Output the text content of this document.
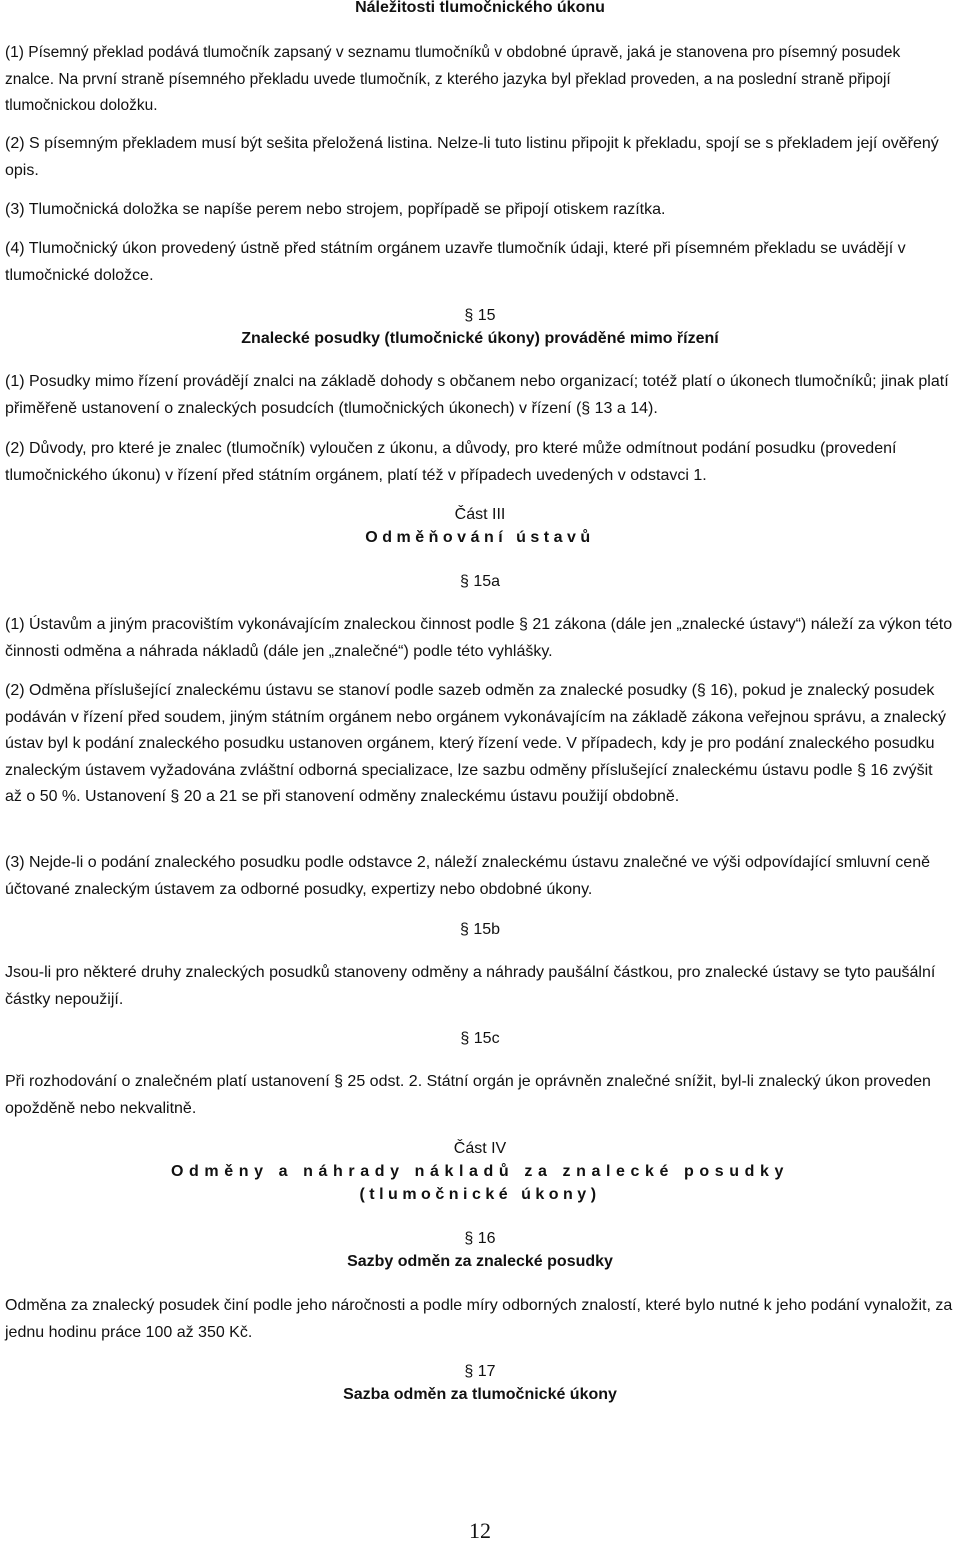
Náležitosti tlumočnického úkonu

(1) Písemný překlad podává tlumočník zapsaný v seznamu tlumočníků v obdobné úpravě, jaká je stanovena pro písemný posudek znalce. Na první straně písemného překladu uvede tlumočník, z kterého jazyka byl překlad proveden, a na poslední straně připojí tlumočnickou doložku.

(2) S písemným překladem musí být sešita přeložená listina. Nelze-li tuto listinu připojit k překladu, spojí se s překladem její ověřený opis.

(3) Tlumočnická doložka se napíše perem nebo strojem, popřípadě se připojí otiskem razítka.

(4) Tlumočnický úkon provedený ústně před státním orgánem uzavře tlumočník údaji, které při písemném překladu se uvádějí v tlumočnické doložce.

§ 15
Znalecké posudky (tlumočnické úkony) prováděné mimo řízení

(1) Posudky mimo řízení provádějí znalci na základě dohody s občanem nebo organizací; totéž platí o úkonech tlumočníků; jinak platí přiměřeně ustanovení o znaleckých posudcích (tlumočnických úkonech) v řízení (§ 13 a 14).

(2) Důvody, pro které je znalec (tlumočník) vyloučen z úkonu, a důvody, pro které může odmítnout podání posudku (provedení tlumočnického úkonu) v řízení před státním orgánem, platí též v případech uvedených v odstavci 1.

Část III
Odměňování ústavů
§ 15a

(1) Ústavům a jiným pracovištím vykonávajícím znaleckou činnost podle § 21 zákona (dále jen „znalecké ústavy“) náleží za výkon této činnosti odměna a náhrada nákladů (dále jen „znalečné“) podle této vyhlášky.

(2) Odměna příslušející znaleckému ústavu se stanoví podle sazeb odměn za znalecké posudky (§ 16), pokud je znalecký posudek podáván v řízení před soudem, jiným státním orgánem nebo orgánem vykonávajícím na základě zákona veřejnou správu, a znalecký ústav byl k podání znaleckého posudku ustanoven orgánem, který řízení vede. V případech, kdy je pro podání znaleckého posudku znaleckým ústavem vyžadována zvláštní odborná specializace, lze sazbu odměny příslušející znaleckému ústavu podle § 16 zvýšit až o 50 %. Ustanovení § 20 a 21 se při stanovení odměny znaleckému ústavu použijí obdobně.

(3) Nejde-li o podání znaleckého posudku podle odstavce 2, náleží znaleckému ústavu znalečné ve výši odpovídající smluvní ceně účtované znaleckým ústavem za odborné posudky, expertizy nebo obdobné úkony.

§ 15b

Jsou-li pro některé druhy znaleckých posudků stanoveny odměny a náhrady paušální částkou, pro znalecké ústavy se tyto paušální částky nepoužijí.

§ 15c

Při rozhodování o znalečném platí ustanovení § 25 odst. 2. Státní orgán je oprávněn znalečné snížit, byl-li znalecký úkon proveden opožděně nebo nekvalitně.

Část IV
Odměny a náhrady nákladů za znalecké posudky
(tlumočnické úkony)
§ 16
Sazby odměn za znalecké posudky

Odměna za znalecký posudek činí podle jeho náročnosti a podle míry odborných znalostí, které bylo nutné k jeho podání vynaložit, za jednu hodinu práce 100 až 350 Kč.

§ 17
Sazba odměn za tlumočnické úkony
12
